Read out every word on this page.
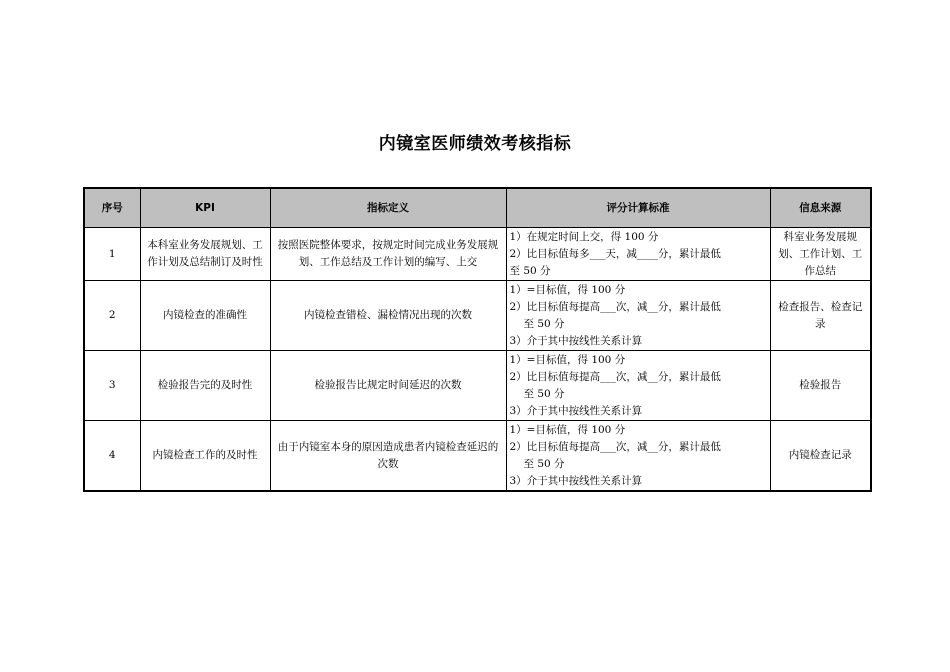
内镜室医师绩效考核指标
序号	KPI	指标定义	评分计算标准	信息来源
1	本科室业务发展规划、工作计划及总结制订及时性	按照医院整体要求，按规定时间完成业务发展规划、工作总结及工作计划的编写、上交	1）在规定时间上交，得 100 分
2）比目标值每多___天，减____分，累计最低
至 50 分	科室业务发展规划、工作计划、工作总结
2	内镜检查的准确性	内镜检查错检、漏检情况出现的次数	1）=目标值，得 100 分
2）比目标值每提高___次，减__分，累计最低
至 50 分
3）介于其中按线性关系计算	检查报告、检查记录
3	检验报告完的及时性	检验报告比规定时间延迟的次数	1）=目标值，得 100 分
2）比目标值每提高___次，减__分，累计最低
至 50 分
3）介于其中按线性关系计算	检验报告
4	内镜检查工作的及时性	由于内镜室本身的原因造成患者内镜检查延迟的次数	1）=目标值，得 100 分
2）比目标值每提高___次，减__分，累计最低
至 50 分
3）介于其中按线性关系计算	内镜检查记录
